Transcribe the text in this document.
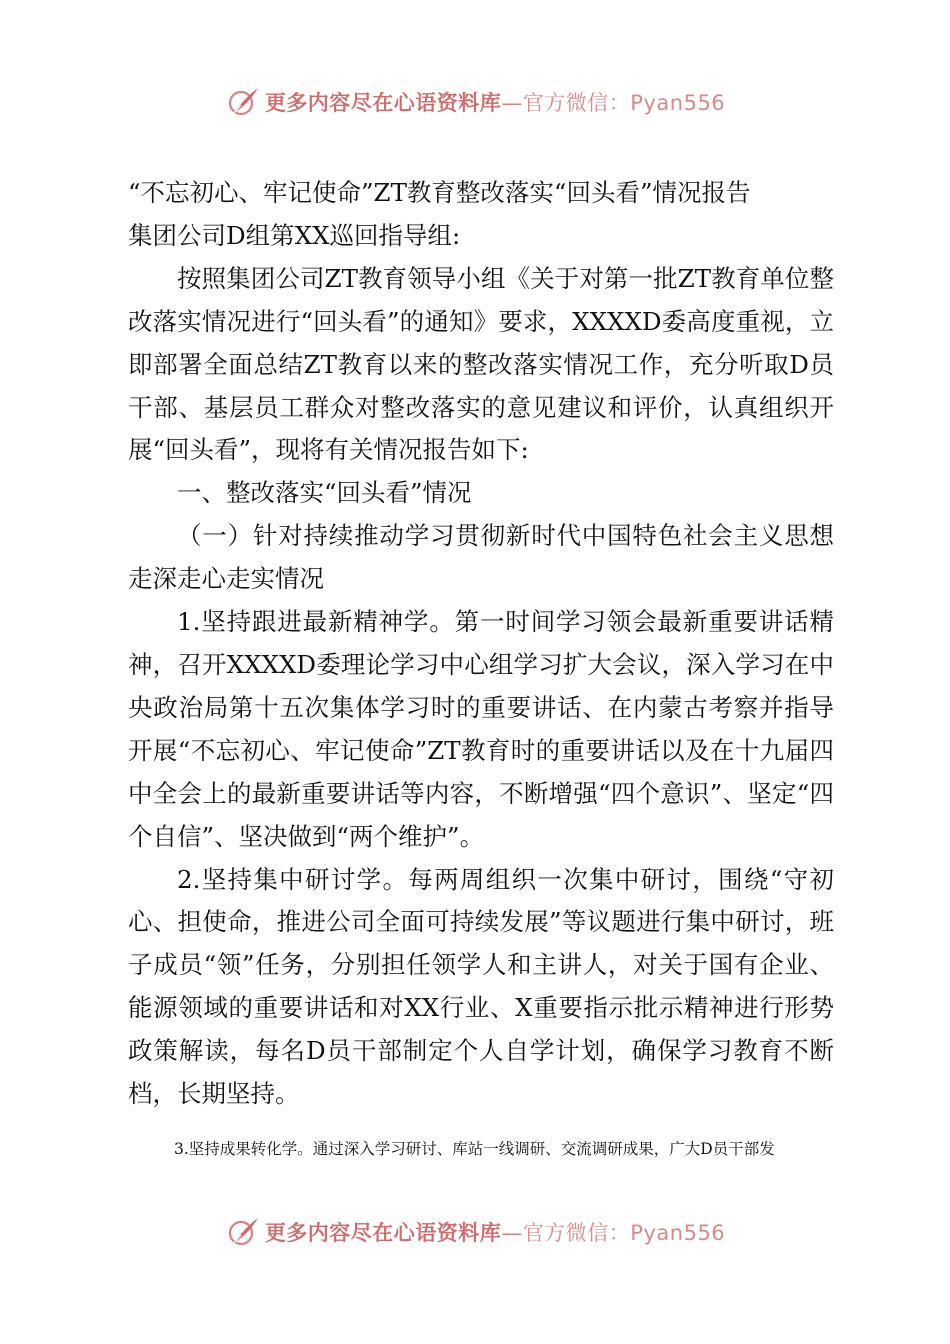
更多内容尽在心语资料库—官方微信：Pyan556
“不忘初心、牢记使命”ZT教育整改落实“回头看”情况报告
集团公司D组第XX巡回指导组:

按照集团公司ZT教育领导小组《关于对第一批ZT教育单位整改落实情况进行“回头看”的通知》要求，XXXXD委高度重视，立即部署全面总结ZT教育以来的整改落实情况工作，充分听取D员干部、基层员工群众对整改落实的意见建议和评价，认真组织开展“回头看”，现将有关情况报告如下:

一、整改落实“回头看”情况

（一）针对持续推动学习贯彻新时代中国特色社会主义思想走深走心走实情况

1.坚持跟进最新精神学。第一时间学习领会最新重要讲话精神，召开XXXXD委理论学习中心组学习扩大会议，深入学习在中央政治局第十五次集体学习时的重要讲话、在内蒙古考察并指导开展“不忘初心、牢记使命”ZT教育时的重要讲话以及在十九届四中全会上的最新重要讲话等内容，不断增强“四个意识”、坚定“四个自信”、坚决做到“两个维护”。

2.坚持集中研讨学。每两周组织一次集中研讨，围绕“守初心、担使命，推进公司全面可持续发展”等议题进行集中研讨，班子成员“领”任务，分别担任领学人和主讲人，对关于国有企业、能源领域的重要讲话和对XX行业、X重要指示批示精神进行形势政策解读，每名D员干部制定个人自学计划，确保学习教育不断档，长期坚持。

3.坚持成果转化学。通过深入学习研讨、库站一线调研、交流调研成果，广大D员干部发
更多内容尽在心语资料库—官方微信：Pyan556
